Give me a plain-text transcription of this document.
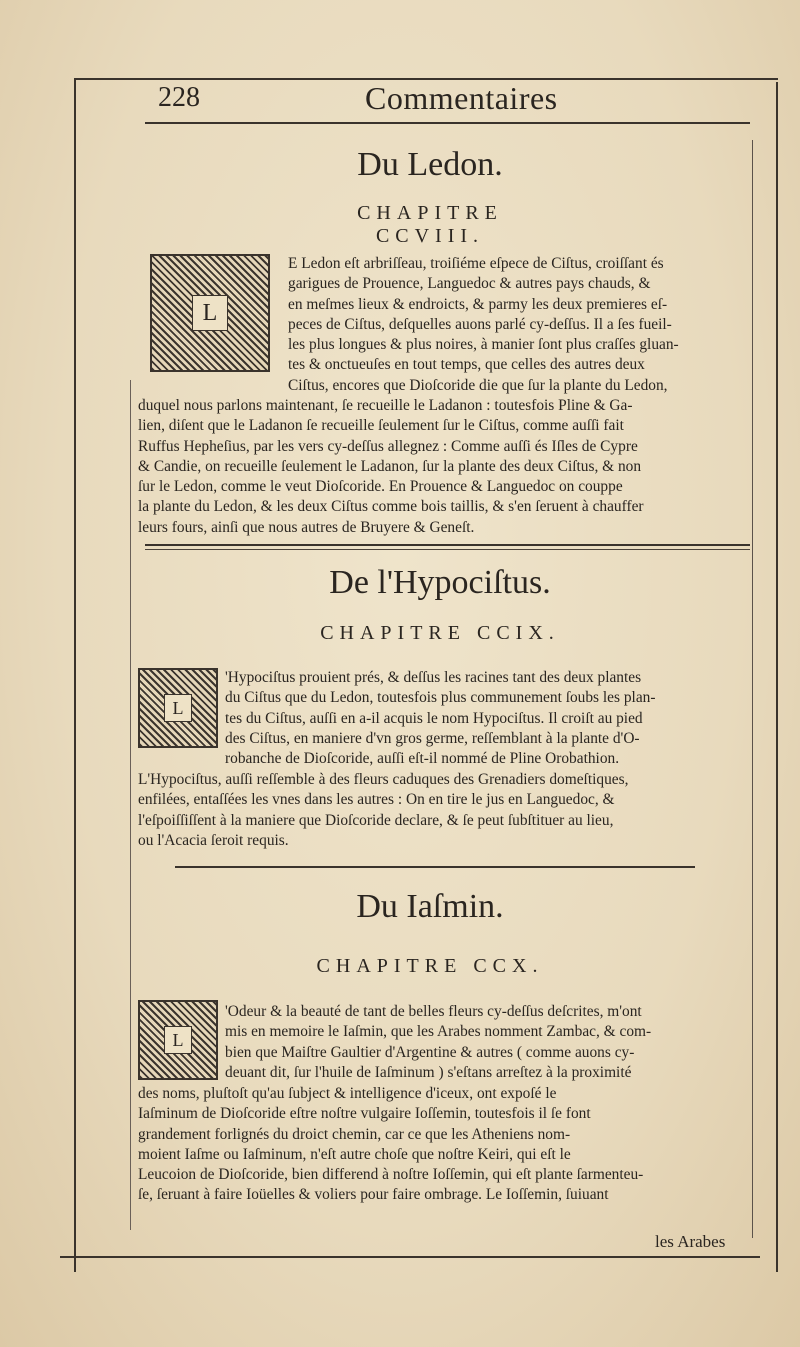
228	Commentaires
Du Ledon.
CHAPITRE CCVIII.
L
E Ledon eſt arbriſſeau, troiſiéme eſpece de Ciſtus, croiſſant és
garigues de Prouence, Languedoc & autres pays chauds, &
en meſmes lieux & endroicts, & parmy les deux premieres eſ-
peces de Ciſtus, deſquelles auons parlé cy-deſſus. Il a ſes fueil-
les plus longues & plus noires, à manier ſont plus craſſes gluan-
tes & onctueuſes en tout temps, que celles des autres deux
Ciſtus, encores que Dioſcoride die que ſur la plante du Ledon,
duquel nous parlons maintenant, ſe recueille le Ladanon : toutesfois Pline & Ga-
lien, diſent que le Ladanon ſe recueille ſeulement ſur le Ciſtus, comme auſſi fait
Ruffus Hepheſius, par les vers cy-deſſus allegnez : Comme auſſi és Iſles de Cypre
& Candie, on recueille ſeulement le Ladanon, ſur la plante des deux Ciſtus, & non
ſur le Ledon, comme le veut Dioſcoride. En Prouence & Languedoc on couppe
la plante du Ledon, & les deux Ciſtus comme bois taillis, & s'en ſeruent à chauffer
leurs fours, ainſi que nous autres de Bruyere & Geneſt.
De l'Hypociſtus.
CHAPITRE CCIX.
L
'Hypociſtus prouient prés, & deſſus les racines tant des deux plantes
du Ciſtus que du Ledon, toutesfois plus communement ſoubs les plan-
tes du Ciſtus, auſſi en a-il acquis le nom Hypociſtus. Il croiſt au pied
des Ciſtus, en maniere d'vn gros germe, reſſemblant à la plante d'O-
robanche de Dioſcoride, auſſi eſt-il nommé de Pline Orobathion.
L'Hypociſtus, auſſi reſſemble à des fleurs caduques des Grenadiers domeſtiques,
enfilées, entaſſées les vnes dans les autres : On en tire le jus en Languedoc, &
l'eſpoiſſiſſent à la maniere que Dioſcoride declare, & ſe peut ſubſtituer au lieu,
ou l'Acacia ſeroit requis.
Du Iaſmin.
CHAPITRE CCX.
L
'Odeur & la beauté de tant de belles fleurs cy-deſſus deſcrites, m'ont
mis en memoire le Iaſmin, que les Arabes nomment Zambac, & com-
bien que Maiſtre Gaultier d'Argentine & autres ( comme auons cy-
deuant dit, ſur l'huile de Iaſminum ) s'eſtans arreſtez à la proximité
des noms, pluſtoſt qu'au ſubject & intelligence d'iceux, ont expoſé le
Iaſminum de Dioſcoride eſtre noſtre vulgaire Ioſſemin, toutesfois il ſe font
grandement forlignés du droict chemin, car ce que les Atheniens nom-
moient Iaſme ou Iaſminum, n'eſt autre choſe que noſtre Keiri, qui eſt le
Leucoion de Dioſcoride, bien differend à noſtre Ioſſemin, qui eſt plante ſarmenteu-
ſe, ſeruant à faire Ioüelles & voliers pour faire ombrage. Le Ioſſemin, ſuiuant
les Arabes
